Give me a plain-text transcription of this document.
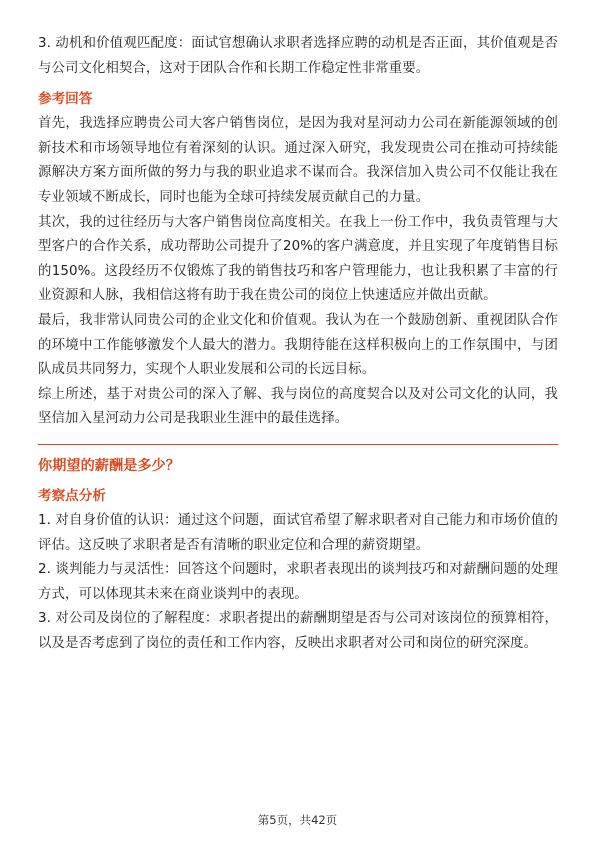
3. 动机和价值观匹配度：面试官想确认求职者选择应聘的动机是否正面，其价值观是否与公司文化相契合，这对于团队合作和长期工作稳定性非常重要。

参考回答

首先，我选择应聘贵公司大客户销售岗位，是因为我对星河动力公司在新能源领域的创新技术和市场领导地位有着深刻的认识。通过深入研究，我发现贵公司在推动可持续能源解决方案方面所做的努力与我的职业追求不谋而合。我深信加入贵公司不仅能让我在专业领域不断成长，同时也能为全球可持续发展贡献自己的力量。

其次，我的过往经历与大客户销售岗位高度相关。在我上一份工作中，我负责管理与大型客户的合作关系，成功帮助公司提升了20%的客户满意度，并且实现了年度销售目标的150%。这段经历不仅锻炼了我的销售技巧和客户管理能力，也让我积累了丰富的行业资源和人脉，我相信这将有助于我在贵公司的岗位上快速适应并做出贡献。

最后，我非常认同贵公司的企业文化和价值观。我认为在一个鼓励创新、重视团队合作的环境中工作能够激发个人最大的潜力。我期待能在这样积极向上的工作氛围中，与团队成员共同努力，实现个人职业发展和公司的长远目标。

综上所述，基于对贵公司的深入了解、我与岗位的高度契合以及对公司文化的认同，我坚信加入星河动力公司是我职业生涯中的最佳选择。

你期望的薪酬是多少？
考察点分析

1. 对自身价值的认识：通过这个问题，面试官希望了解求职者对自己能力和市场价值的评估。这反映了求职者是否有清晰的职业定位和合理的薪资期望。

2. 谈判能力与灵活性：回答这个问题时，求职者表现出的谈判技巧和对薪酬问题的处理方式，可以体现其未来在商业谈判中的表现。

3. 对公司及岗位的了解程度：求职者提出的薪酬期望是否与公司对该岗位的预算相符，以及是否考虑到了岗位的责任和工作内容，反映出求职者对公司和岗位的研究深度。

第5页，共42页
